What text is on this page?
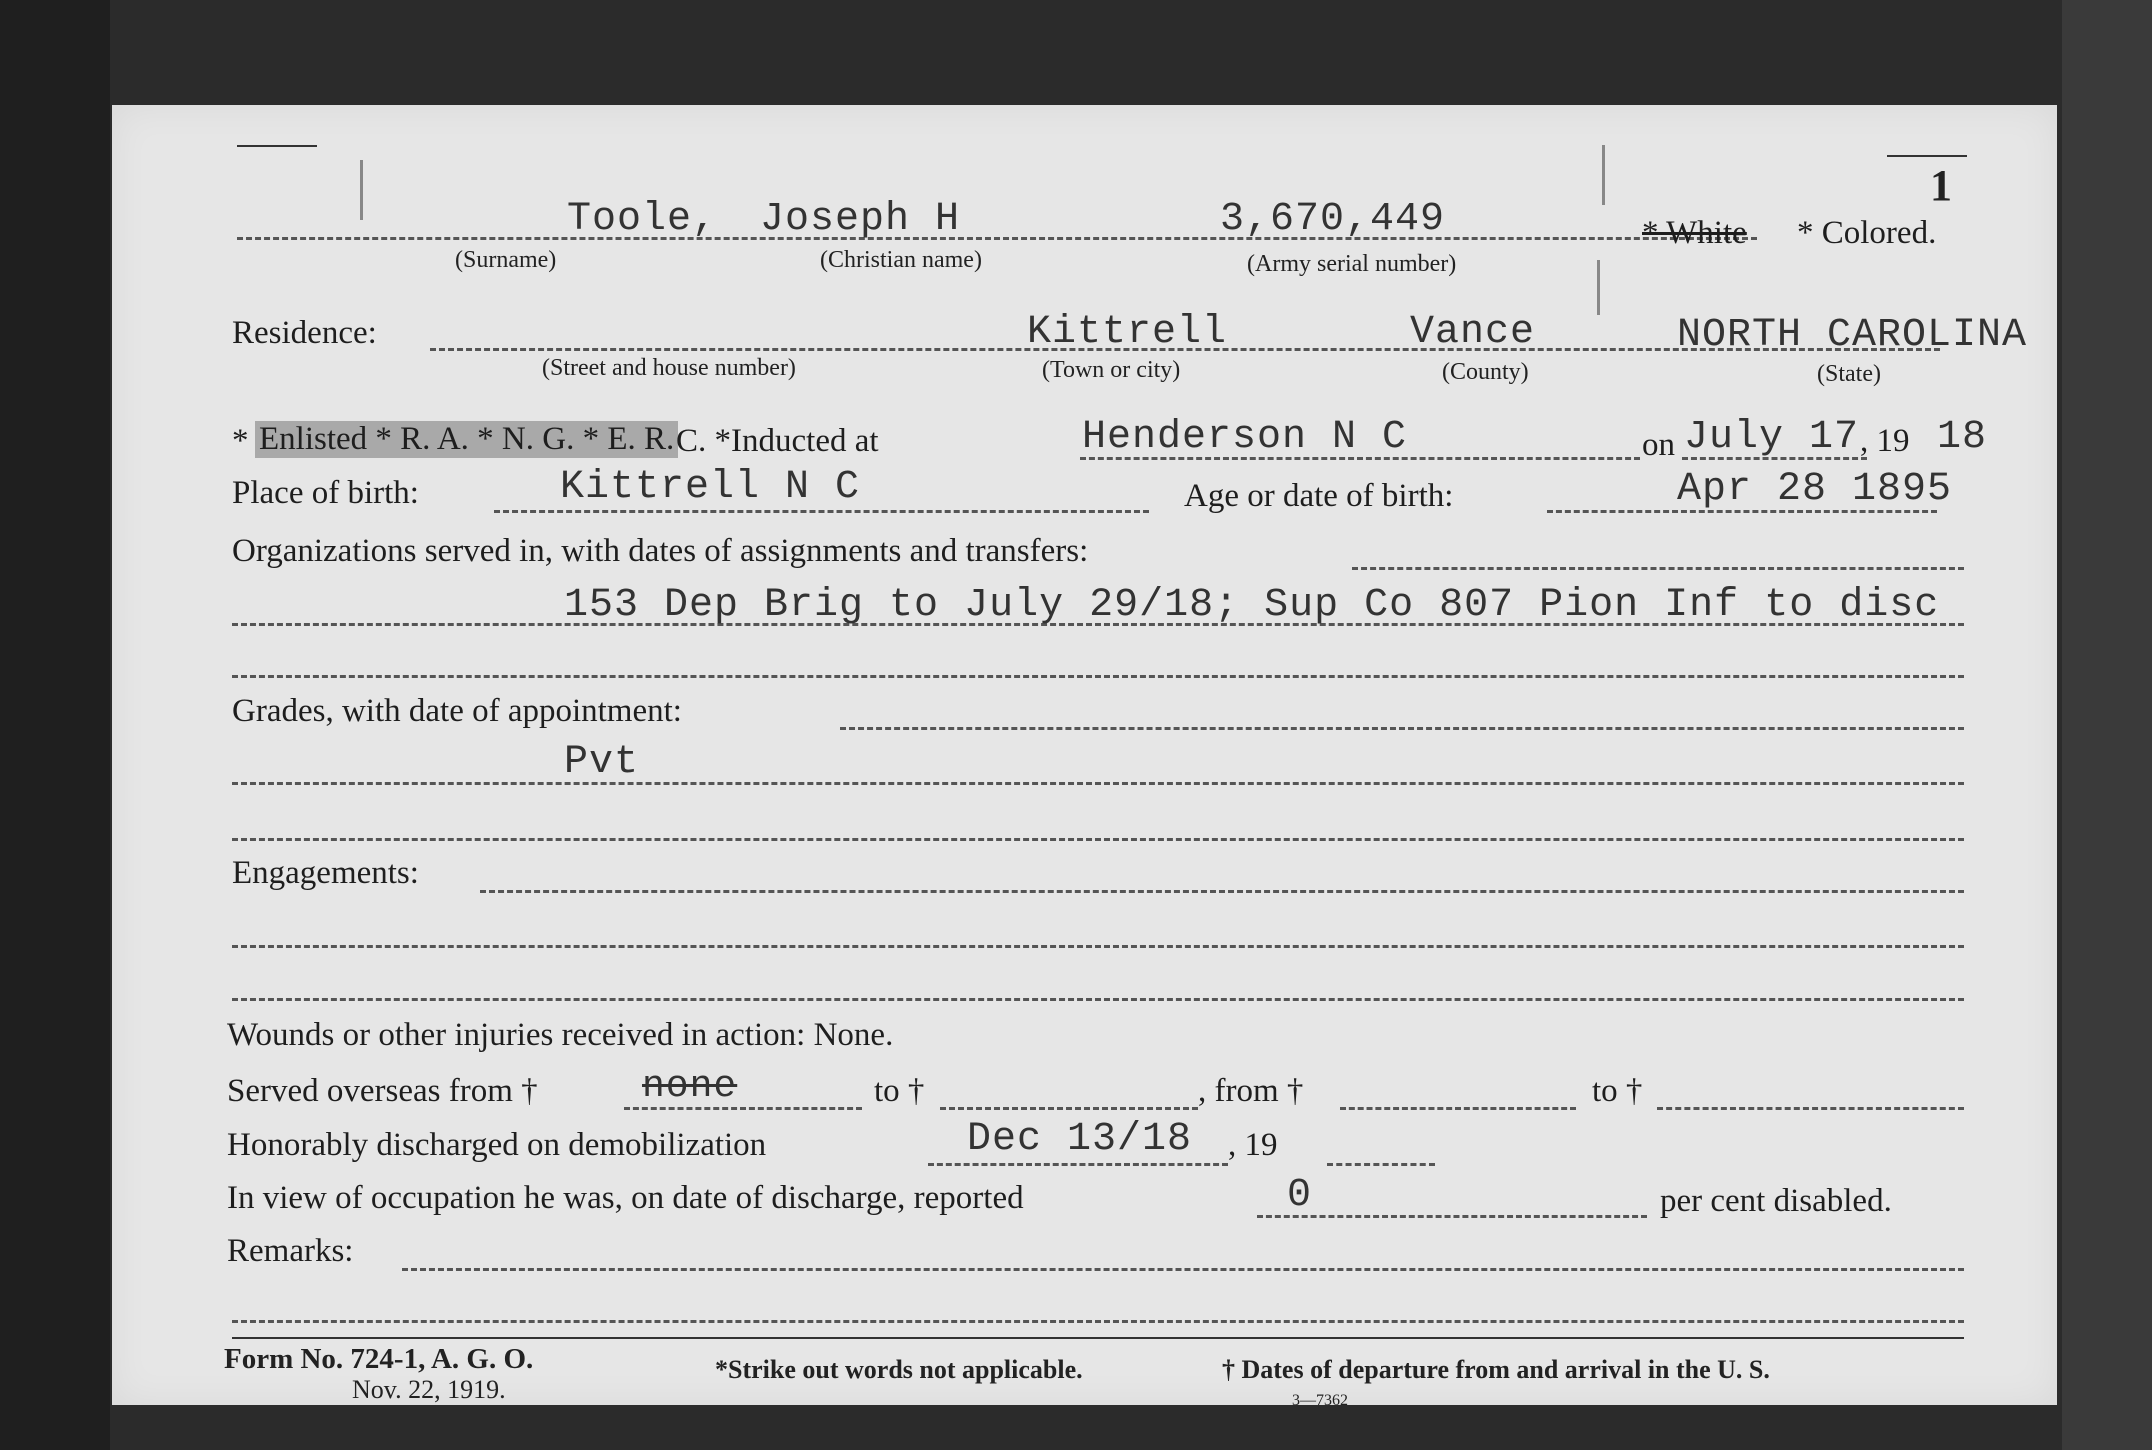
1
Toole, Joseph H	3,670,449
(Surname)	(Christian name)	(Army serial number)
* White * Colored.
Residence:	Kittrell	Vance	NORTH CAROLINA
(Street and house number)	(Town or city)	(County)	(State)
* Enlisted * R. A. * N. G. * E. R. C. *Inducted at	Henderson N C	on July 17 , 19 18
Place of birth:	Kittrell N C	Age or date of birth:	Apr 28 1895
Organizations served in, with dates of assignments and transfers:
153 Dep Brig to July 29/18; Sup Co 807 Pion Inf to disc
Grades, with date of appointment:
Pvt
Engagements:
Wounds or other injuries received in action: None.
Served overseas from †	none	to †	, from †	to †
Honorably discharged on demobilization	Dec 13/18 , 19
In view of occupation he was, on date of discharge, reported	0	per cent disabled.
Remarks:
Form No. 724-1, A. G. O.
Nov. 22, 1919.
*Strike out words not applicable.	† Dates of departure from and arrival in the U. S.
3—7362
